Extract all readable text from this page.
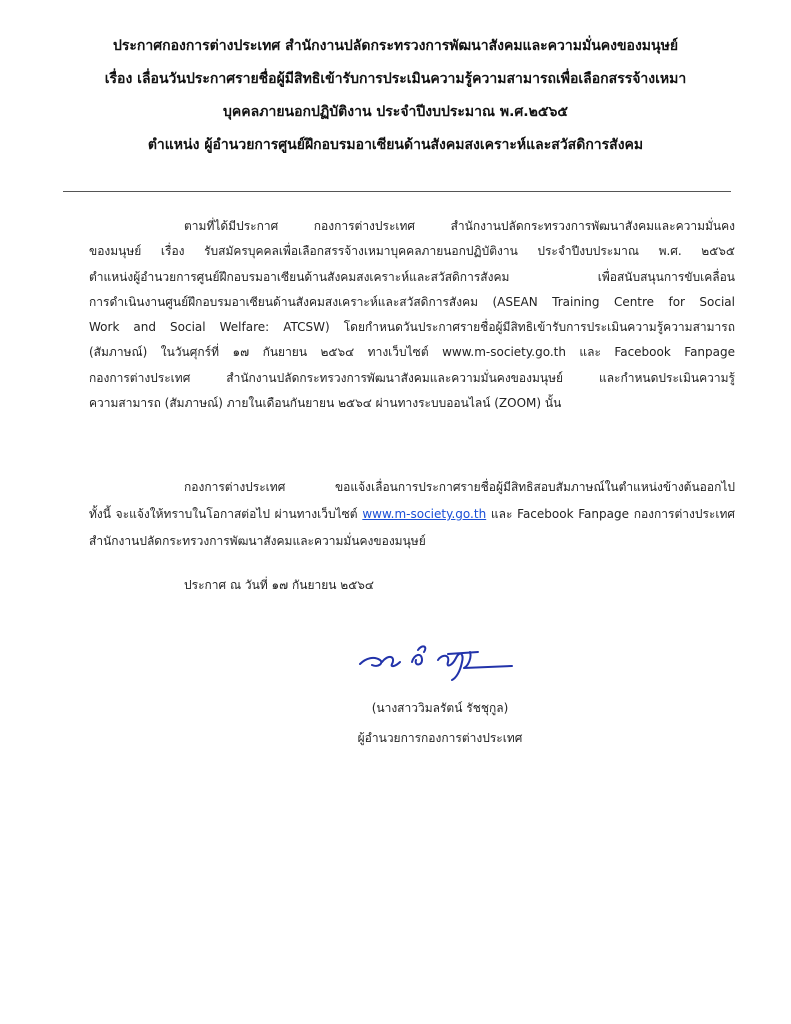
ประกาศกองการต่างประเทศ สำนักงานปลัดกระทรวงการพัฒนาสังคมและความมั่นคงของมนุษย์
เรื่อง เลื่อนวันประกาศรายชื่อผู้มีสิทธิเข้ารับการประเมินความรู้ความสามารถเพื่อเลือกสรรจ้างเหมา
บุคคลภายนอกปฏิบัติงาน ประจำปีงบประมาณ พ.ศ.๒๕๖๕
ตำแหน่ง ผู้อำนวยการศูนย์ฝึกอบรมอาเซียนด้านสังคมสงเคราะห์และสวัสดิการสังคม
ตามที่ได้มีประกาศ กองการต่างประเทศ สำนักงานปลัดกระทรวงการพัฒนาสังคมและความมั่นคง
ของมนุษย์ เรื่อง รับสมัครบุคคลเพื่อเลือกสรรจ้างเหมาบุคคลภายนอกปฏิบัติงาน ประจำปีงบประมาณ พ.ศ. ๒๕๖๕
ตำแหน่งผู้อำนวยการศูนย์ฝึกอบรมอาเซียนด้านสังคมสงเคราะห์และสวัสดิการสังคม เพื่อสนับสนุนการขับเคลื่อน
การดำเนินงานศูนย์ฝึกอบรมอาเซียนด้านสังคมสงเคราะห์และสวัสดิการสังคม (ASEAN Training Centre for Social
Work and Social Welfare: ATCSW) โดยกำหนดวันประกาศรายชื่อผู้มีสิทธิเข้ารับการประเมินความรู้ความสามารถ
(สัมภาษณ์) ในวันศุกร์ที่ ๑๗ กันยายน ๒๕๖๔ ทางเว็บไซต์ www.m-society.go.th และ Facebook Fanpage
กองการต่างประเทศ สำนักงานปลัดกระทรวงการพัฒนาสังคมและความมั่นคงของมนุษย์ และกำหนดประเมินความรู้
ความสามารถ (สัมภาษณ์) ภายในเดือนกันยายน ๒๕๖๔ ผ่านทางระบบออนไลน์ (ZOOM) นั้น
กองการต่างประเทศ ขอแจ้งเลื่อนการประกาศรายชื่อผู้มีสิทธิสอบสัมภาษณ์ในตำแหน่งข้างต้นออกไป
ทั้งนี้ จะแจ้งให้ทราบในโอกาสต่อไป ผ่านทางเว็บไซต์ www.m-society.go.th และ Facebook Fanpage กองการต่างประเทศ
สำนักงานปลัดกระทรวงการพัฒนาสังคมและความมั่นคงของมนุษย์
ประกาศ ณ วันที่ ๑๗ กันยายน ๒๕๖๔
(นางสาววิมลรัตน์ รัชชุกูล)
ผู้อำนวยการกองการต่างประเทศ
